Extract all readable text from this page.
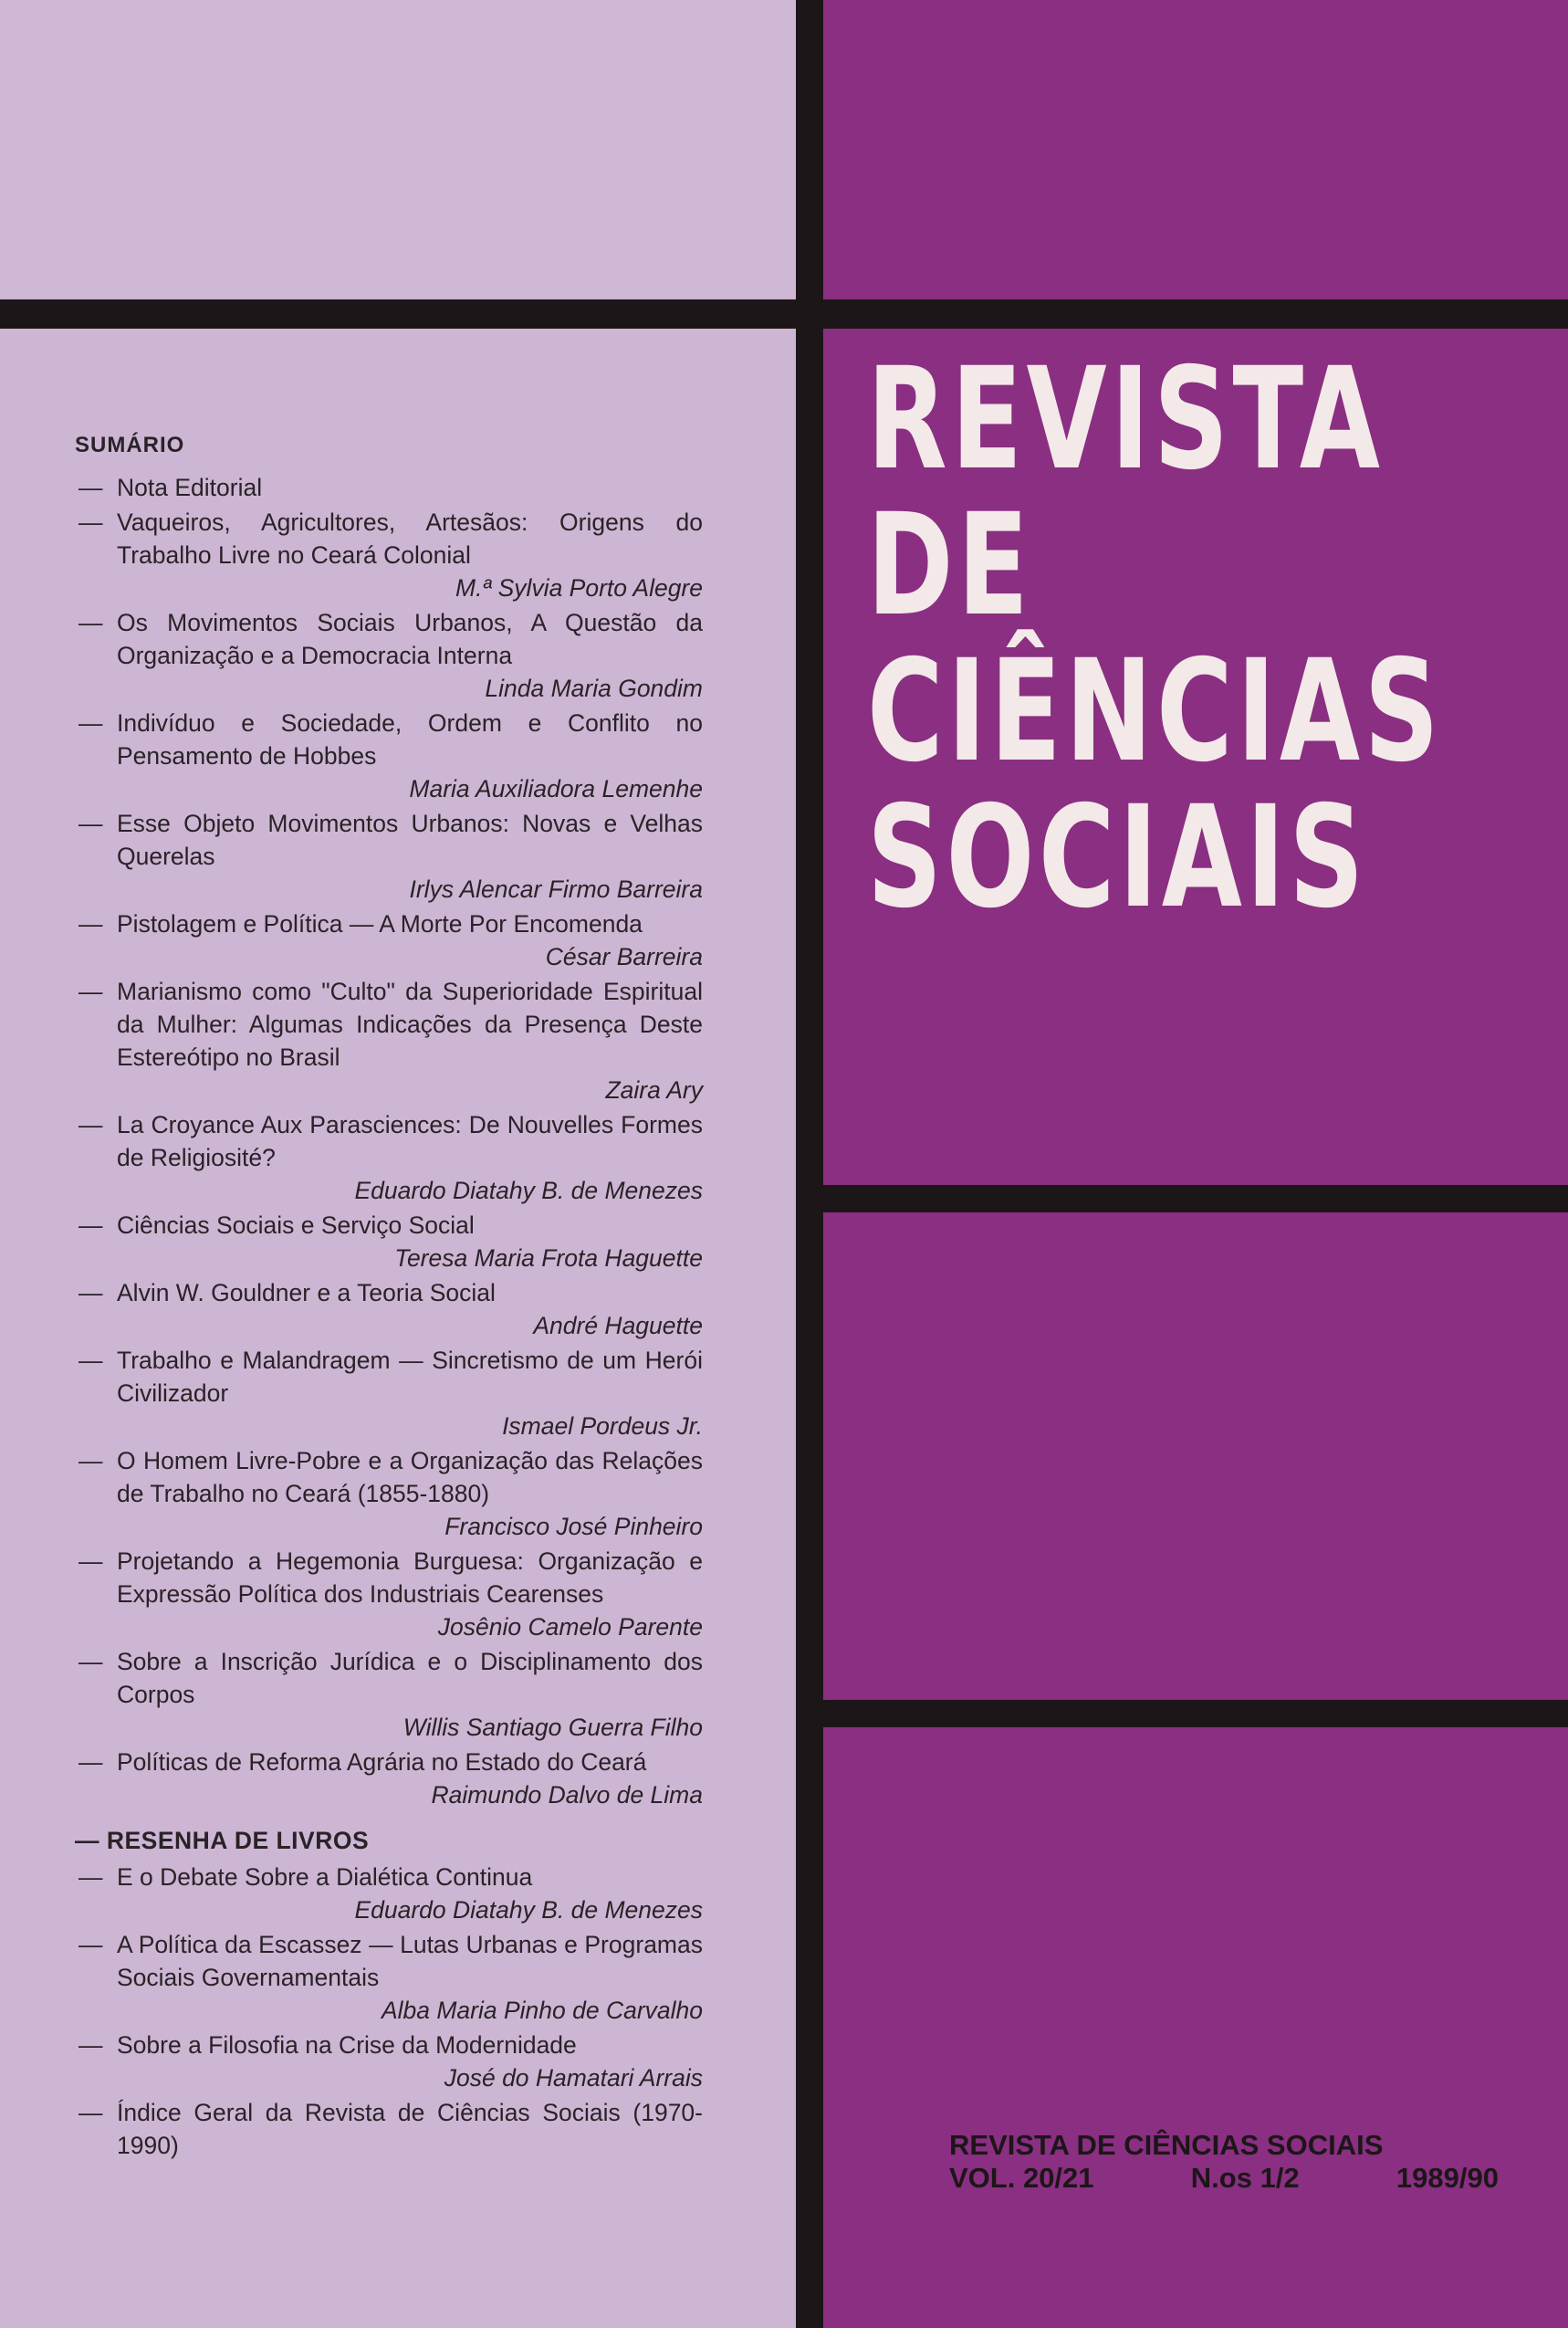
REVISTA
DE
CIÊNCIAS
SOCIAIS
REVISTA DE CIÊNCIAS SOCIAIS
VOL. 20/21	N.os 1/2	1989/90
SUMÁRIO
— Nota Editorial
— Vaqueiros, Agricultores, Artesãos: Origens do Trabalho Livre no Ceará Colonial
M.ª Sylvia Porto Alegre
— Os Movimentos Sociais Urbanos, A Questão da Organização e a Democracia Interna
Linda Maria Gondim
— Indivíduo e Sociedade, Ordem e Conflito no Pensamento de Hobbes
Maria Auxiliadora Lemenhe
— Esse Objeto Movimentos Urbanos: Novas e Velhas Querelas
Irlys Alencar Firmo Barreira
— Pistolagem e Política — A Morte Por Encomenda
César Barreira
— Marianismo como "Culto" da Superioridade Espiritual da Mulher: Algumas Indicações da Presença Deste Estereótipo no Brasil
Zaira Ary
— La Croyance Aux Parasciences: De Nouvelles Formes de Religiosité?
Eduardo Diatahy B. de Menezes
— Ciências Sociais e Serviço Social
Teresa Maria Frota Haguette
— Alvin W. Gouldner e a Teoria Social
André Haguette
— Trabalho e Malandragem — Sincretismo de um Herói Civilizador
Ismael Pordeus Jr.
— O Homem Livre-Pobre e a Organização das Relações de Trabalho no Ceará (1855-1880)
Francisco José Pinheiro
— Projetando a Hegemonia Burguesa: Organização e Expressão Política dos Industriais Cearenses
Josênio Camelo Parente
— Sobre a Inscrição Jurídica e o Disciplinamento dos Corpos
Willis Santiago Guerra Filho
— Políticas de Reforma Agrária no Estado do Ceará
Raimundo Dalvo de Lima
— RESENHA DE LIVROS
— E o Debate Sobre a Dialética Continua
Eduardo Diatahy B. de Menezes
— A Política da Escassez — Lutas Urbanas e Programas Sociais Governamentais
Alba Maria Pinho de Carvalho
— Sobre a Filosofia na Crise da Modernidade
José do Hamatari Arrais
— Índice Geral da Revista de Ciências Sociais (1970-1990)
